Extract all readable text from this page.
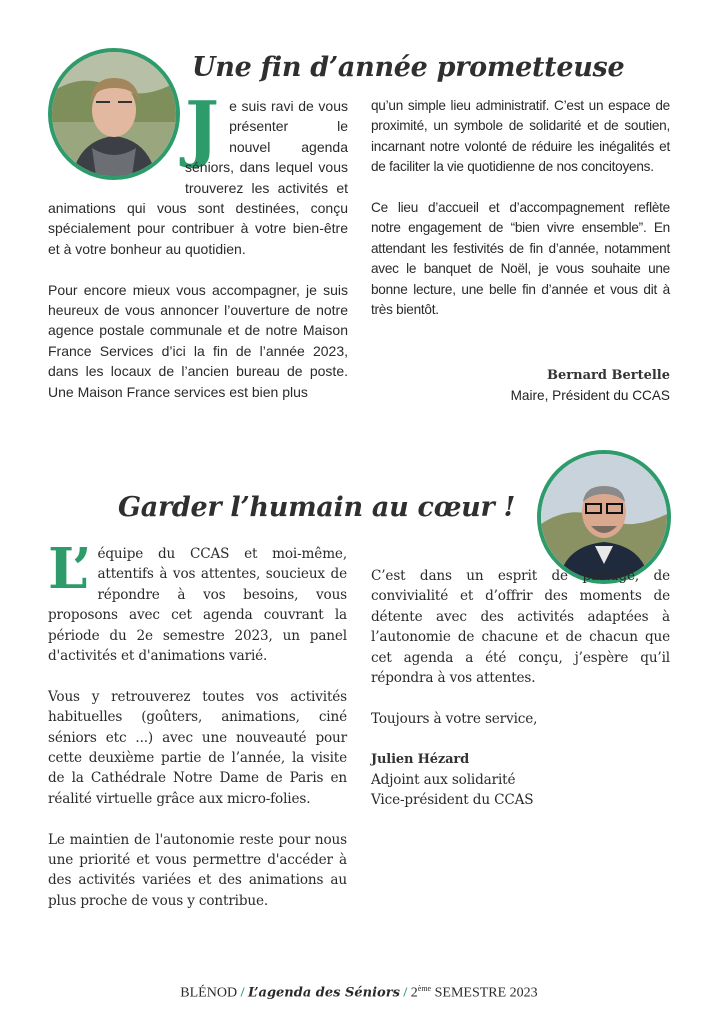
Une fin d’année prometteuse
J e suis ravi de vous présenter le nouvel agenda séniors, dans lequel vous trouverez les activités et animations qui vous sont destinées, conçu spécialement pour contribuer à votre bien-être et à votre bonheur au quotidien.

Pour encore mieux vous accompagner, je suis heureux de vous annoncer l’ouverture de notre agence postale communale et de notre Maison France Services d’ici la fin de l’année 2023, dans les locaux de l’ancien bureau de poste. Une Maison France services est bien plus

qu’un simple lieu administratif. C’est un espace de proximité, un symbole de solidarité et de soutien, incarnant notre volonté de réduire les inégalités et de faciliter la vie quotidienne de nos concitoyens.

Ce lieu d’accueil et d’accompagnement reflète notre engagement de “bien vivre ensemble”. En attendant les festivités de fin d’année, notamment avec le banquet de Noël, je vous souhaite une bonne lecture, une belle fin d’année et vous dit à très bientôt.

Bernard Bertelle
Maire, Président du CCAS
Garder l’humain au cœur !
L’ équipe du CCAS et moi-même, attentifs à vos attentes, soucieux de répondre à vos besoins, vous proposons avec cet agenda couvrant la période du 2e semestre 2023, un panel d'activités et d'animations varié.

Vous y retrouverez toutes vos activités habituelles (goûters, animations, ciné séniors etc ...) avec une nouveauté pour cette deuxième partie de l’année, la visite de la Cathédrale Notre Dame de Paris en réalité virtuelle grâce aux micro-folies.

Le maintien de l'autonomie reste pour nous une priorité et vous permettre d'accéder à des activités variées et des animations au plus proche de vous y contribue.

C’est dans un esprit de partage, de convivialité et d’offrir des moments de détente avec des activités adaptées à l’autonomie de chacune et de chacun que cet agenda a été conçu, j’espère qu’il répondra à vos attentes.

Toujours à votre service,

Julien Hézard
Adjoint aux solidarité
Vice-président du CCAS
BLÉNOD / L’agenda des Séniors / 2ème SEMESTRE 2023
